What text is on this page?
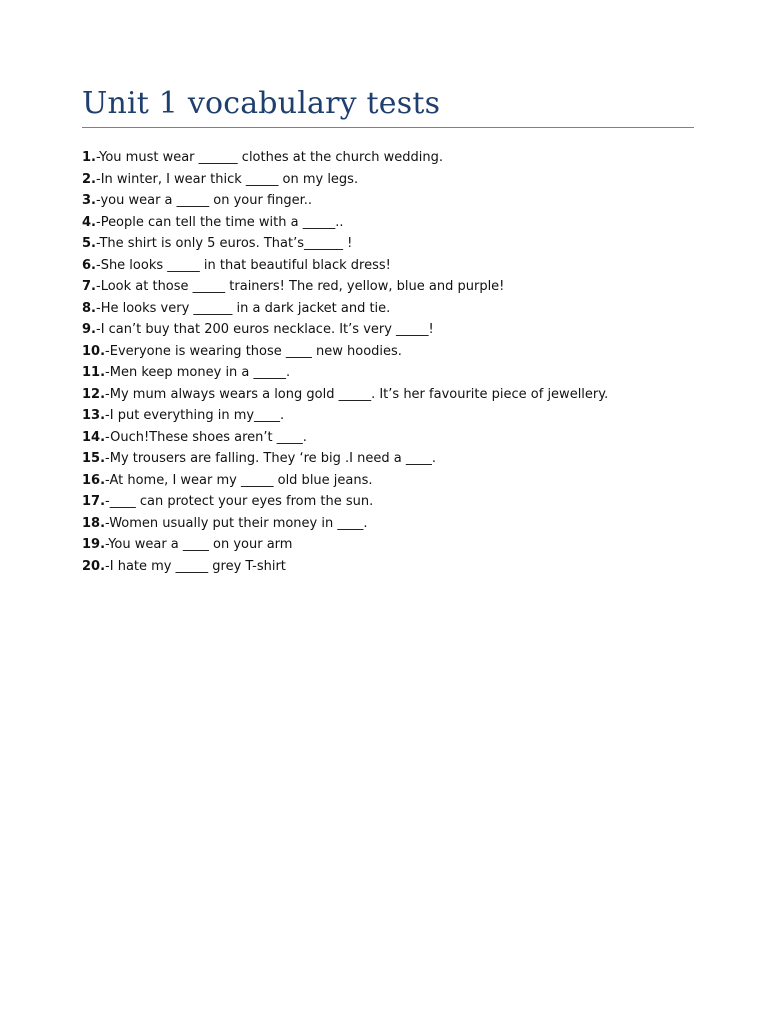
Unit 1 vocabulary tests
1.-You must wear ______ clothes at the church wedding.
2.-In winter, I wear thick _____ on my legs.
3.-you wear a _____ on your finger..
4.-People can tell the time with a _____..
5.-The shirt is only 5 euros. That’s______ !
6.-She looks _____ in that beautiful black dress!
7.-Look at those _____ trainers! The red, yellow, blue and purple!
8.-He looks very ______ in a dark jacket and tie.
9.-I can’t buy that 200 euros necklace. It’s very _____!
10.-Everyone is wearing those ____ new hoodies.
11.-Men keep money in a _____.
12.-My mum always wears a long gold _____. It’s her favourite piece of jewellery.
13.-I put everything in my____.
14.-Ouch!These shoes aren’t ____.
15.-My trousers are falling. They ‘re big .I need a ____.
16.-At home, I wear my _____ old blue jeans.
17.-____ can protect your eyes from the sun.
18.-Women usually put their money in ____.
19.-You wear a ____ on your arm
20.-I hate my _____ grey T-shirt
